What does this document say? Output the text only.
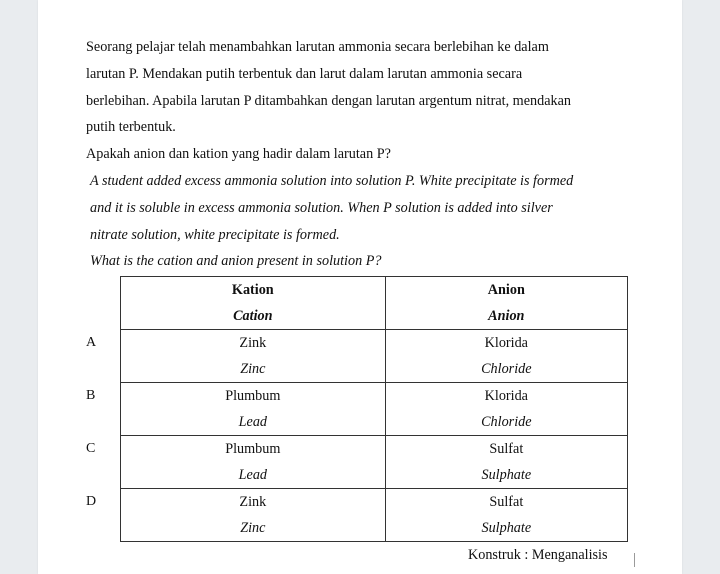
Seorang pelajar telah menambahkan larutan ammonia secara berlebihan ke dalam

larutan P. Mendakan putih terbentuk dan larut dalam larutan ammonia secara

berlebihan. Apabila larutan P ditambahkan dengan larutan argentum nitrat, mendakan

putih terbentuk.

Apakah anion dan kation yang hadir dalam larutan P?

A student added excess ammonia solution into solution P. White precipitate is formed

and it is soluble in excess ammonia solution. When P solution is added into silver

nitrate solution, white precipitate is formed.

What is the cation and anion present in solution P?

	Kation	Anion
	Cation	Anion

A	Zink	Klorida
	Zinc	Chloride

B	Plumbum	Klorida
	Lead	Chloride

C	Plumbum	Sulfat
	Lead	Sulphate

D	Zink	Sulfat
	Zinc	Sulphate
Konstruk : Menganalisis
